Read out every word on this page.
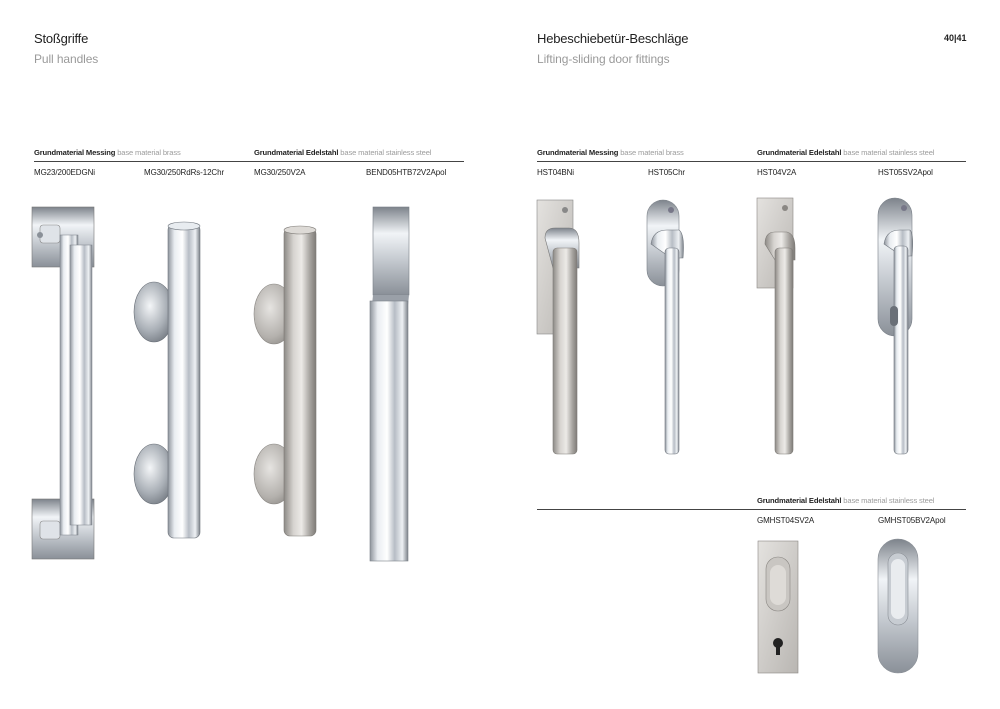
Stoßgriffe
Pull handles
Hebeschiebetür-Beschläge
Lifting-sliding door fittings
40|41
Grundmaterial Messing base material brass	Grundmaterial Edelstahl base material stainless steel
MG23/200EDGNi	MG30/250RdRs-12Chr	MG30/250V2A	BEND05HTB72V2Apol
Grundmaterial Messing base material brass	Grundmaterial Edelstahl base material stainless steel
HST04BNi	HST05Chr	HST04V2A	HST05SV2Apol
Grundmaterial Edelstahl base material stainless steel
GMHST04SV2A	GMHST05BV2Apol
